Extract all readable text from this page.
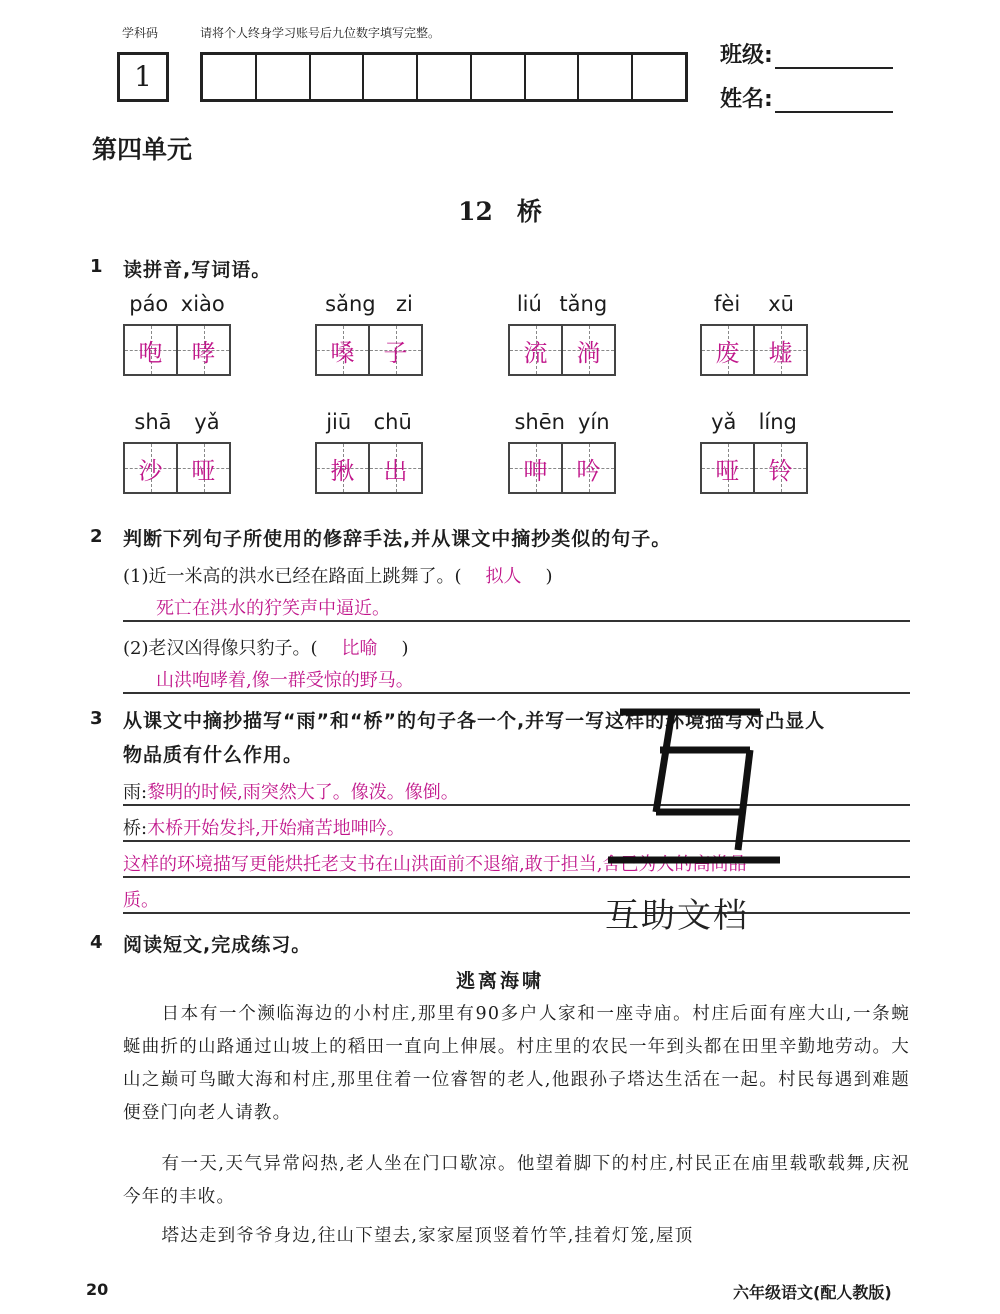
学科码	请将个人终身学习账号后九位数字填写完整。
1
班级:
姓名:
第四单元
12 桥
1 读拼音,写词语。
páo xiào
咆 哮
sǎng zi
嗓 子
liú tǎng
流 淌
fèi xū
废 墟
shā yǎ
沙 哑
jiū chū
揪 出
shēn yín
呻 吟
yǎ líng
哑 铃
2 判断下列句子所使用的修辞手法,并从课文中摘抄类似的句子。
(1)近一米高的洪水已经在路面上跳舞了。( 拟人 )
死亡在洪水的狞笑声中逼近。
(2)老汉凶得像只豹子。( 比喻 )
山洪咆哮着,像一群受惊的野马。
3 从课文中摘抄描写“雨”和“桥”的句子各一个,并写一写这样的环境描写对凸显人
物品质有什么作用。
雨:黎明的时候,雨突然大了。像泼。像倒。
桥:木桥开始发抖,开始痛苦地呻吟。
这样的环境描写更能烘托老支书在山洪面前不退缩,敢于担当,舍己为人的高尚品
质。	互助文档
4 阅读短文,完成练习。
逃离海啸
日本有一个濒临海边的小村庄,那里有90多户人家和一座寺庙。村庄后面有座大山,一条蜿蜒曲折的山路通过山坡上的稻田一直向上伸展。村庄里的农民一年到头都在田里辛勤地劳动。大山之巅可鸟瞰大海和村庄,那里住着一位睿智的老人,他跟孙子塔达生活在一起。村民每遇到难题便登门向老人请教。
有一天,天气异常闷热,老人坐在门口歇凉。他望着脚下的村庄,村民正在庙里载歌载舞,庆祝今年的丰收。
塔达走到爷爷身边,往山下望去,家家屋顶竖着竹竿,挂着灯笼,屋顶
20	六年级语文(配人教版)
